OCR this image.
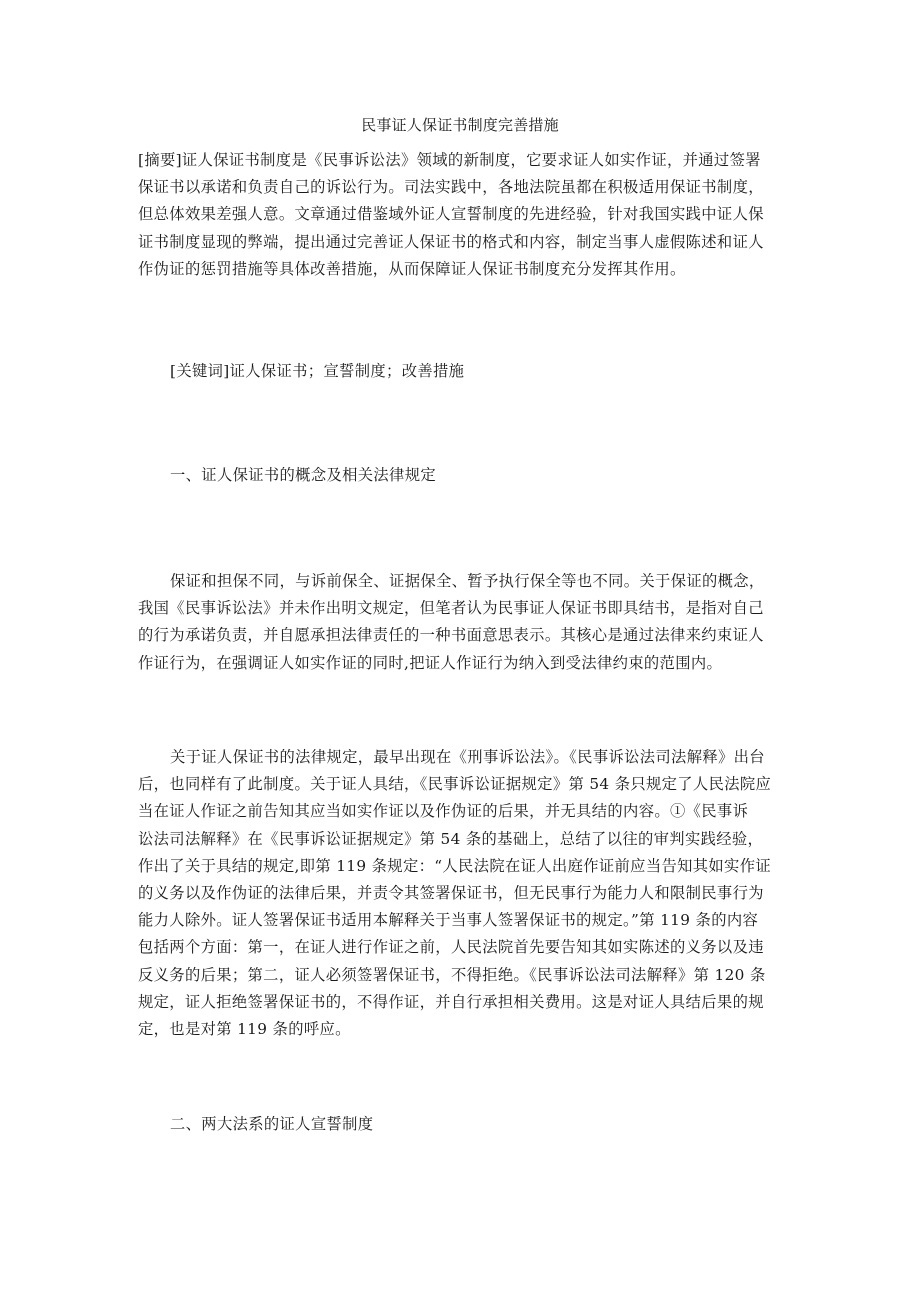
民事证人保证书制度完善措施
[摘要]证人保证书制度是《民事诉讼法》领域的新制度，它要求证人如实作证，并通过签署
保证书以承诺和负责自己的诉讼行为。司法实践中，各地法院虽都在积极适用保证书制度，
但总体效果差强人意。文章通过借鉴域外证人宣誓制度的先进经验，针对我国实践中证人保
证书制度显现的弊端，提出通过完善证人保证书的格式和内容，制定当事人虚假陈述和证人
作伪证的惩罚措施等具体改善措施，从而保障证人保证书制度充分发挥其作用。
[关键词]证人保证书；宣誓制度；改善措施
一、证人保证书的概念及相关法律规定
保证和担保不同，与诉前保全、证据保全、暂予执行保全等也不同。关于保证的概念，
我国《民事诉讼法》并未作出明文规定，但笔者认为民事证人保证书即具结书，是指对自己
的行为承诺负责，并自愿承担法律责任的一种书面意思表示。其核心是通过法律来约束证人
作证行为，在强调证人如实作证的同时,把证人作证行为纳入到受法律约束的范围内。
关于证人保证书的法律规定，最早出现在《刑事诉讼法》。《民事诉讼法司法解释》出台
后，也同样有了此制度。关于证人具结，《民事诉讼证据规定》第 54 条只规定了人民法院应
当在证人作证之前告知其应当如实作证以及作伪证的后果，并无具结的内容。①《民事诉
讼法司法解释》在《民事诉讼证据规定》第 54 条的基础上，总结了以往的审判实践经验，
作出了关于具结的规定,即第 119 条规定：“人民法院在证人出庭作证前应当告知其如实作证
的义务以及作伪证的法律后果，并责令其签署保证书，但无民事行为能力人和限制民事行为
能力人除外。证人签署保证书适用本解释关于当事人签署保证书的规定。”第 119 条的内容
包括两个方面：第一，在证人进行作证之前，人民法院首先要告知其如实陈述的义务以及违
反义务的后果；第二，证人必须签署保证书，不得拒绝。《民事诉讼法司法解释》第 120 条
规定，证人拒绝签署保证书的，不得作证，并自行承担相关费用。这是对证人具结后果的规
定，也是对第 119 条的呼应。
二、两大法系的证人宣誓制度
